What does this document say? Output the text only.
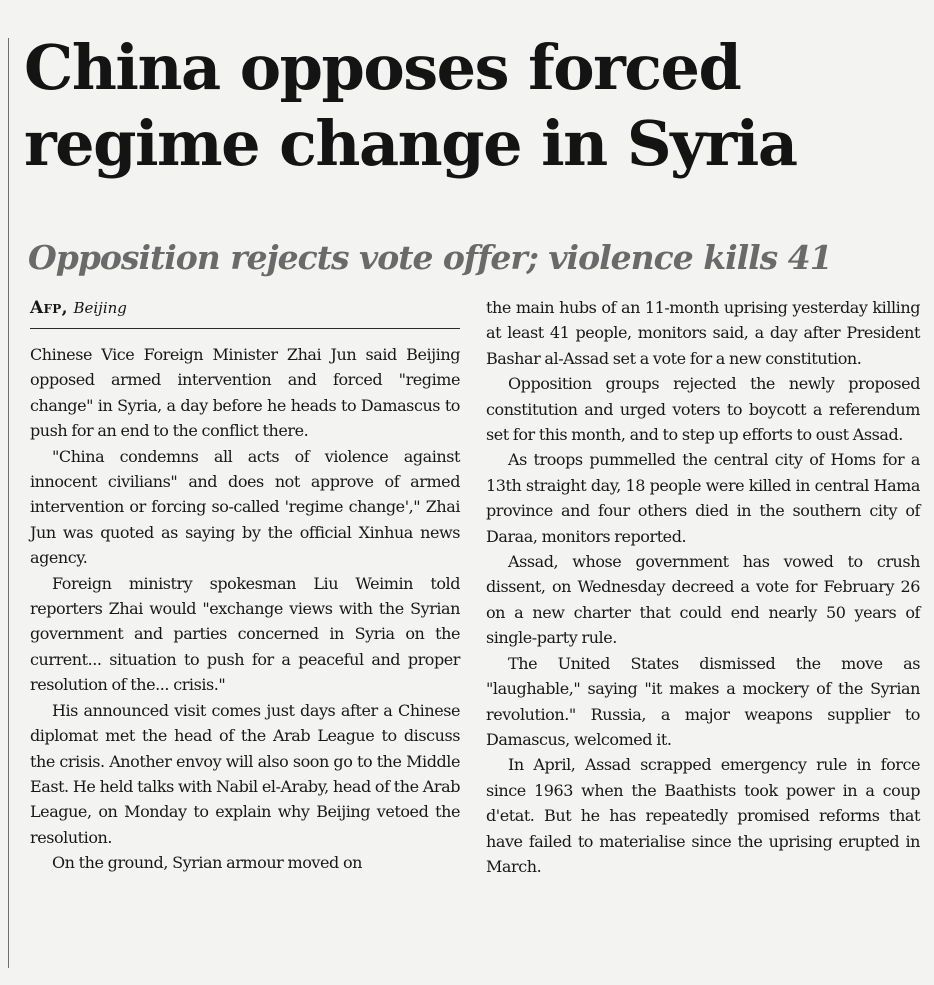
China opposes forced
regime change in Syria
Opposition rejects vote offer; violence kills 41
Afp, Beijing

Chinese Vice Foreign Minister Zhai Jun said Beijing opposed armed intervention and forced "regime change" in Syria, a day before he heads to Damascus to push for an end to the conflict there.

"China condemns all acts of violence against innocent civilians" and does not approve of armed intervention or forcing so-called 'regime change'," Zhai Jun was quoted as saying by the official Xinhua news agency.

Foreign ministry spokesman Liu Weimin told reporters Zhai would "exchange views with the Syrian government and parties concerned in Syria on the current... situation to push for a peaceful and proper resolution of the... crisis."

His announced visit comes just days after a Chinese diplomat met the head of the Arab League to discuss the crisis. Another envoy will also soon go to the Middle East. He held talks with Nabil el-Araby, head of the Arab League, on Monday to explain why Beijing vetoed the resolution.

On the ground, Syrian armour moved on

the main hubs of an 11-month uprising yesterday killing at least 41 people, monitors said, a day after President Bashar al-Assad set a vote for a new constitution.

Opposition groups rejected the newly proposed constitution and urged voters to boycott a referendum set for this month, and to step up efforts to oust Assad.

As troops pummelled the central city of Homs for a 13th straight day, 18 people were killed in central Hama province and four others died in the southern city of Daraa, monitors reported.

Assad, whose government has vowed to crush dissent, on Wednesday decreed a vote for February 26 on a new charter that could end nearly 50 years of single-party rule.

The United States dismissed the move as "laughable," saying "it makes a mockery of the Syrian revolution." Russia, a major weapons supplier to Damascus, welcomed it.

In April, Assad scrapped emergency rule in force since 1963 when the Baathists took power in a coup d'etat. But he has repeatedly promised reforms that have failed to materialise since the uprising erupted in March.
